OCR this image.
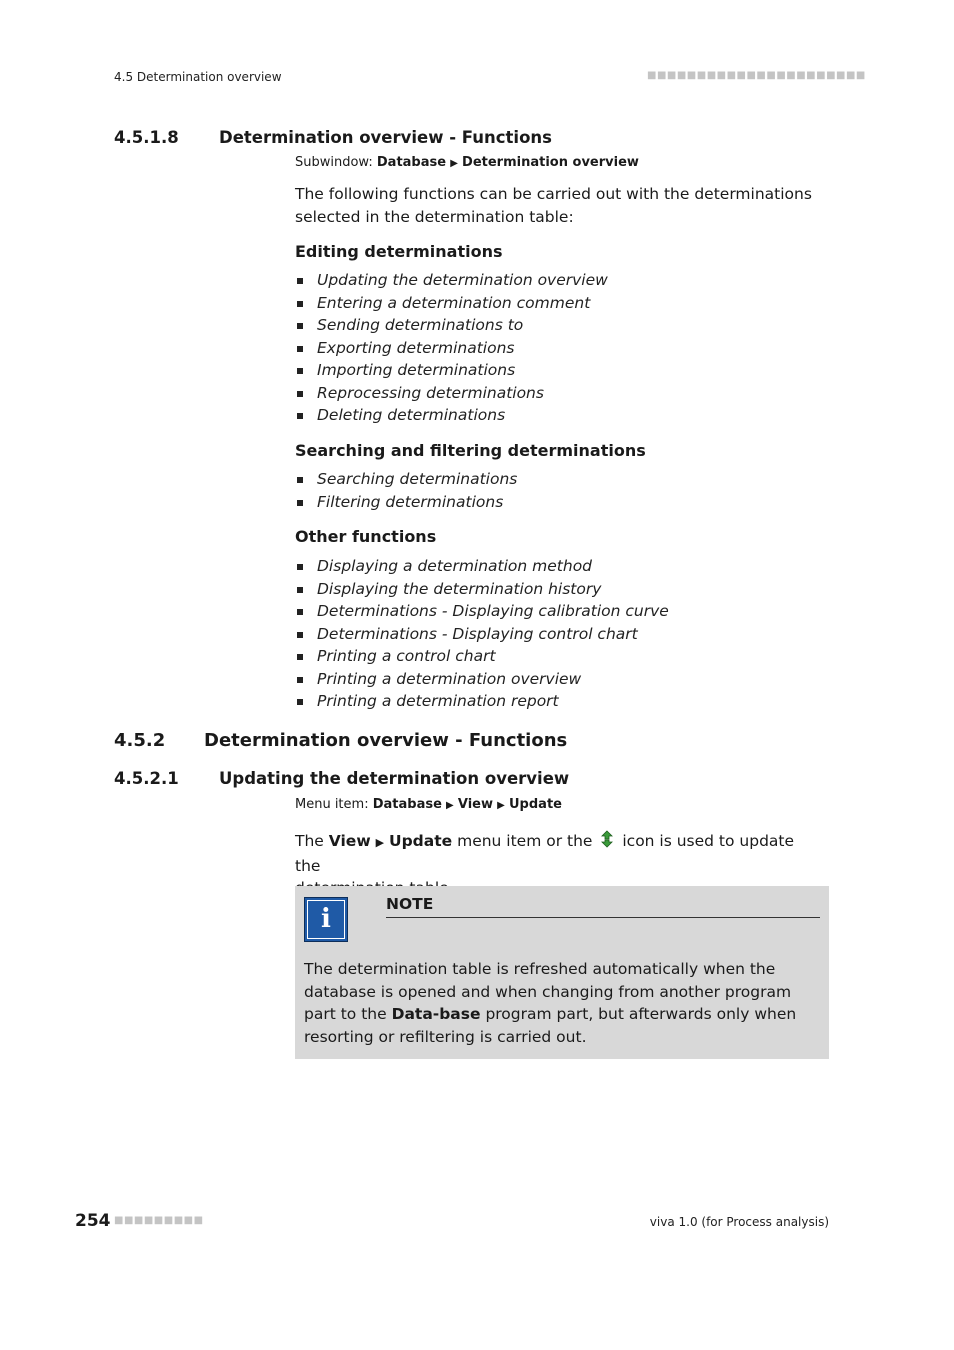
4.5 Determination overview	■■■■■■■■■■■■■■■■■■■■■■
4.5.1.8 Determination overview - Functions
Subwindow: Database ▶ Determination overview
The following functions can be carried out with the determinations selected in the determination table:
Editing determinations
Updating the determination overview
Entering a determination comment
Sending determinations to
Exporting determinations
Importing determinations
Reprocessing determinations
Deleting determinations
Searching and filtering determinations
Searching determinations
Filtering determinations
Other functions
Displaying a determination method
Displaying the determination history
Determinations - Displaying calibration curve
Determinations - Displaying control chart
Printing a control chart
Printing a determination overview
Printing a determination report
4.5.2 Determination overview - Functions
4.5.2.1 Updating the determination overview
Menu item: Database ▶ View ▶ Update
The View ▶ Update menu item or the icon is used to update the

i	NOTE
The determination table is refreshed automatically when the database is opened and when changing from another program part to the Data-base program part, but afterwards only when resorting or refiltering is carried out.
254 ■■■■■■■■■	viva 1.0 (for Process analysis)
